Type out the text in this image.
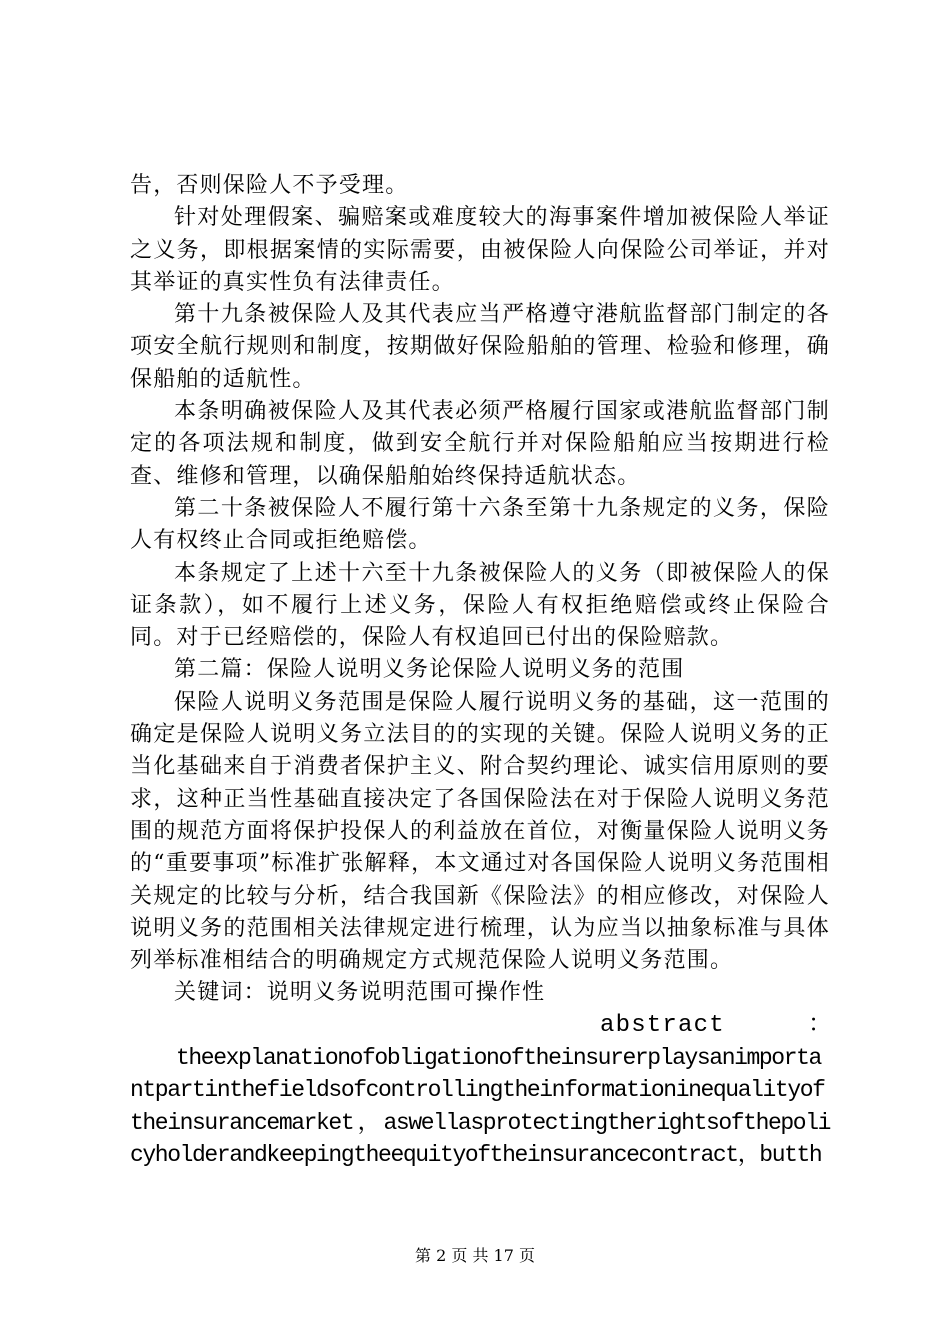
告，否则保险人不予受理。

针对处理假案、骗赔案或难度较大的海事案件增加被保险人举证之义务，即根据案情的实际需要，由被保险人向保险公司举证，并对其举证的真实性负有法律责任。

第十九条被保险人及其代表应当严格遵守港航监督部门制定的各项安全航行规则和制度，按期做好保险船舶的管理、检验和修理，确保船舶的适航性。

本条明确被保险人及其代表必须严格履行国家或港航监督部门制定的各项法规和制度，做到安全航行并对保险船舶应当按期进行检查、维修和管理，以确保船舶始终保持适航状态。

第二十条被保险人不履行第十六条至第十九条规定的义务，保险人有权终止合同或拒绝赔偿。

本条规定了上述十六至十九条被保险人的义务（即被保险人的保证条款），如不履行上述义务，保险人有权拒绝赔偿或终止保险合同。对于已经赔偿的，保险人有权追回已付出的保险赔款。

第二篇：保险人说明义务论保险人说明义务的范围

保险人说明义务范围是保险人履行说明义务的基础，这一范围的确定是保险人说明义务立法目的的实现的关键。保险人说明义务的正当化基础来自于消费者保护主义、附合契约理论、诚实信用原则的要求，这种正当性基础直接决定了各国保险法在对于保险人说明义务范围的规范方面将保护投保人的利益放在首位，对衡量保险人说明义务的“重要事项”标准扩张解释，本文通过对各国保险人说明义务范围相关规定的比较与分析，结合我国新《保险法》的相应修改，对保险人说明义务的范围相关法律规定进行梳理，认为应当以抽象标准与具体列举标准相结合的明确规定方式规范保险人说明义务范围。

关键词：说明义务说明范围可操作性

abstract	：

theexplanationofobligationoftheinsurerplaysanimportantpartinthefieldsofcontrollingtheinformationinequalityoftheinsurancemarket，aswellasprotectingtherightsofthepolicyholderandkeepingtheequityoftheinsurancecontract，butth

第 2 页 共 17 页
